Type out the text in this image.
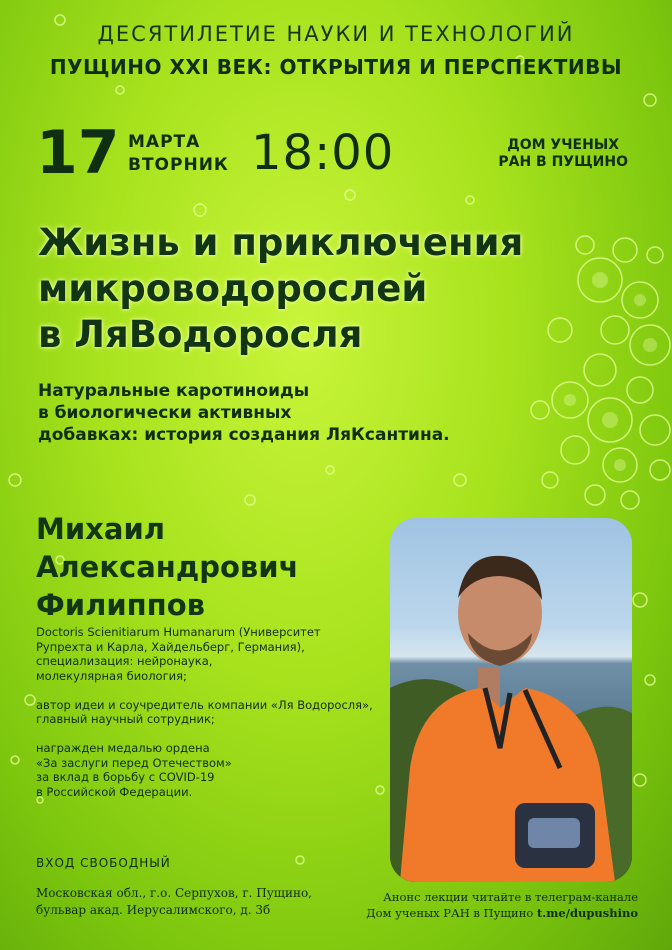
ДЕСЯТИЛЕТИЕ НАУКИ И ТЕХНОЛОГИЙ
ПУЩИНО XXI ВЕК: ОТКРЫТИЯ И ПЕРСПЕКТИВЫ
17 МАРТА
ВТОРНИК 18:00	ДОМ УЧЕНЫХ
РАН В ПУЩИНО
Жизнь и приключения
микроводорослей
в ЛяВодоросля
Натуральные каротиноиды
в биологически активных
добавках: история создания ЛяКсантина.
Михаил
Александрович
Филиппов

Doctoris Scienitiarum Humanarum (Университет
Рупрехта и Карла, Хайдельберг, Германия),
специализация: нейронаука,
молекулярная биология;

автор идеи и соучредитель компании «Ля Водоросля»,
главный научный сотрудник;

награжден медалью ордена
«За заслуги перед Отечеством»
за вклад в борьбу с COVID-19
в Российской Федерации.

ВХОД СВОБОДНЫЙ
Московская обл., г.о. Серпухов, г. Пущино,
бульвар акад. Иерусалимского, д. 3б
Анонс лекции читайте в телеграм-канале
Дом ученых РАН в Пущино t.me/dupushino
